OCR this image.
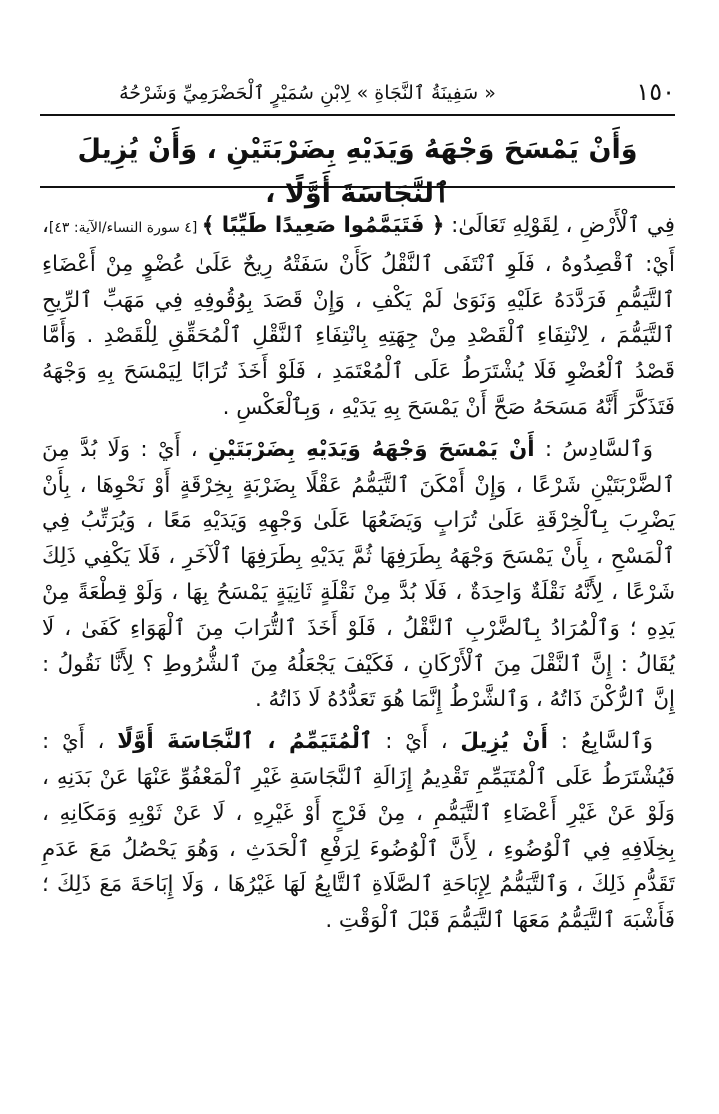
١٥٠
« سَفِينَةُ ٱلنَّجَاةِ » لِابْنِ سُمَيْرٍ ٱلْحَضْرَمِيِّ وَشَرْحُهُ
وَأَنْ يَمْسَحَ وَجْهَهُ وَيَدَيْهِ بِضَرْبَتَيْنِ ، وَأَنْ يُزِيلَ ٱلنَّجَاسَةَ أَوَّلًا ،

فِي ٱلْأَرْضِ ، لِقَوْلِهِ تَعَالَىٰ: ﴿ فَتَيَمَّمُوا صَعِيدًا طَيِّبًا ﴾ [٤ سورة النساء/الآية: ٤٣]، أَيْ: ٱقْصِدُوهُ ، فَلَوِ ٱنْتَفَى ٱلنَّقْلُ كَأَنْ سَفَتْهُ رِيحٌ عَلَىٰ عُضْوٍ مِنْ أَعْضَاءِ ٱلتَّيَمُّمِ فَرَدَّدَهُ عَلَيْهِ وَنَوَىٰ لَمْ يَكْفِ ، وَإِنْ قَصَدَ بِوُقُوفِهِ فِي مَهَبِّ ٱلرِّيحِ ٱلتَّيَمُّمَ ، لِانْتِفَاءِ ٱلْقَصْدِ مِنْ جِهَتِهِ بِانْتِفَاءِ ٱلنَّقْلِ ٱلْمُحَقِّقِ لِلْقَصْدِ . وَأَمَّا قَصْدُ ٱلْعُضْوِ فَلَا يُشْتَرَطُ عَلَى ٱلْمُعْتَمَدِ ، فَلَوْ أَخَذَ تُرَابًا لِيَمْسَحَ بِهِ وَجْهَهُ فَتَذَكَّرَ أَنَّهُ مَسَحَهُ صَحَّ أَنْ يَمْسَحَ بِهِ يَدَيْهِ ، وَبِٱلْعَكْسِ .

وَٱلسَّادِسُ : أَنْ يَمْسَحَ وَجْهَهُ وَيَدَيْهِ بِضَرْبَتَيْنِ ، أَيْ : وَلَا بُدَّ مِنَ ٱلضَّرْبَتَيْنِ شَرْعًا ، وَإِنْ أَمْكَنَ ٱلتَّيَمُّمُ عَقْلًا بِضَرْبَةٍ بِخِرْقَةٍ أَوْ نَحْوِهَا ، بِأَنْ يَضْرِبَ بِٱلْخِرْقَةِ عَلَىٰ تُرَابٍ وَيَضَعُهَا عَلَىٰ وَجْهِهِ وَيَدَيْهِ مَعًا ، وَيُرَتِّبُ فِي ٱلْمَسْحِ ، بِأَنْ يَمْسَحَ وَجْهَهُ بِطَرَفِهَا ثُمَّ يَدَيْهِ بِطَرَفِهَا ٱلْآخَرِ ، فَلَا يَكْفِي ذَلِكَ شَرْعًا ، لِأَنَّهُ نَقْلَةٌ وَاحِدَةٌ ، فَلَا بُدَّ مِنْ نَقْلَةٍ ثَانِيَةٍ يَمْسَحُ بِهَا ، وَلَوْ قِطْعَةً مِنْ يَدِهِ ؛ وَٱلْمُرَادُ بِٱلضَّرْبِ ٱلنَّقْلُ ، فَلَوْ أَخَذَ ٱلتُّرَابَ مِنَ ٱلْهَوَاءِ كَفَىٰ ، لَا يُقَالُ : إِنَّ ٱلنَّقْلَ مِنَ ٱلْأَرْكَانِ ، فَكَيْفَ يَجْعَلُهُ مِنَ ٱلشُّرُوطِ ؟ لِأَنَّا نَقُولُ : إِنَّ ٱلرُّكْنَ ذَاتُهُ ، وَٱلشَّرْطُ إِنَّمَا هُوَ تَعَدُّدُهُ لَا ذَاتُهُ .

وَٱلسَّابِعُ : أَنْ يُزِيلَ ، أَيْ : ٱلْمُتَيَمِّمُ ، ٱلنَّجَاسَةَ أَوَّلًا ، أَيْ : فَيُشْتَرَطُ عَلَى ٱلْمُتَيَمِّمِ تَقْدِيمُ إِزَالَةِ ٱلنَّجَاسَةِ غَيْرِ ٱلْمَعْفُوِّ عَنْهَا عَنْ بَدَنِهِ ، وَلَوْ عَنْ غَيْرِ أَعْضَاءِ ٱلتَّيَمُّمِ ، مِنْ فَرْجٍ أَوْ غَيْرِهِ ، لَا عَنْ ثَوْبِهِ وَمَكَانِهِ ، بِخِلَافِهِ فِي ٱلْوُضُوءِ ، لِأَنَّ ٱلْوُضُوءَ لِرَفْعِ ٱلْحَدَثِ ، وَهُوَ يَحْصُلُ مَعَ عَدَمِ تَقَدُّمِ ذَلِكَ ، وَٱلتَّيَمُّمُ لِإِبَاحَةِ ٱلصَّلَاةِ ٱلتَّابِعُ لَهَا غَيْرُهَا ، وَلَا إِبَاحَةَ مَعَ ذَلِكَ ؛ فَأَشْبَهَ ٱلتَّيَمُّمُ مَعَهَا ٱلتَّيَمُّمَ قَبْلَ ٱلْوَقْتِ .
